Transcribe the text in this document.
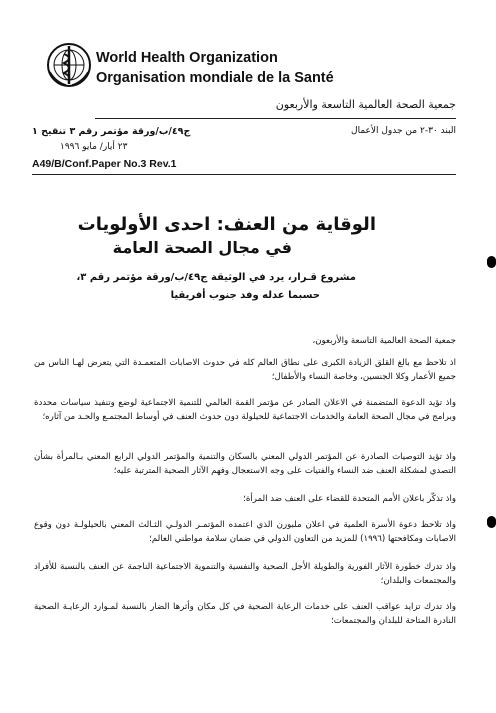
World Health Organization
Organisation mondiale de la Santé
جمعية الصحة العالمية التاسعة والأربعون
البند ٣٠-٢ من جدول الأعمال
ج٤٩/ب/ورقة مؤتمر رقم ٣ تنقيح ١
٢٣ أيار/ مايو ١٩٩٦
A49/B/Conf.Paper No.3 Rev.1
الوقاية من العنف: احدى الأولويات
في مجال الصحة العامة
مشروع قـرار، يرد في الوثيقة ج٤٩/ب/ورقة مؤتمر رقم ٣،
حسبما عدله وفد جنوب أفريقيا
جمعية الصحة العالمية التاسعة والأربعون،
اذ تلاحظ مع بالغ القلق الزيادة الكبرى على نطاق العالم كله في حدوث الاصابات المتعمـدة التي يتعرض لهـا الناس من جميع الأعمار وكلا الجنسين، وخاصة النساء والأطفال؛
واذ تؤيد الدعوة المتضمنة في الاعلان الصادر عن مؤتمر القمة العالمي للتنمية الاجتماعية لوضع وتنفيذ سياسات محددة وبرامج في مجال الصحة العامة والخدمات الاجتماعية للحيلولة دون حدوث العنف في أوساط المجتمـع والحـد من آثاره؛
واذ تؤيد التوصيات الصادرة عن المؤتمر الدولي المعني بالسكان والتنمية والمؤتمر الدولي الرابع المعني بـالمرأة بشأن التصدي لمشكلة العنف ضد النساء والفتيات على وجه الاستعجال وفهم الآثار الصحية المترتبة عليه؛
واذ تذكّر باعلان الأمم المتحدة للقضاء على العنف ضد المرأة؛
واذ تلاحظ دعوة الأسرة العلمية في اعلان ملبورن الذي اعتمده المؤتمـر الدولـي الثـالث المعني بالحيلولـة دون وقوع الاصابات ومكافحتها (١٩٩٦) للمزيد من التعاون الدولي في ضمان سلامة مواطني العالم؛
واذ تدرك خطورة الآثار الفورية والطويلة الأجل الصحية والنفسية والتنموية الاجتماعية الناجمة عن العنف بالنسبة للأفراد والمجتمعات والبلدان؛
واذ تدرك تزايد عواقب العنف على خدمات الرعاية الصحية في كل مكان وأثرها الضار بالنسبة لمـوارد الرعايـة الصحية النادرة المتاحة للبلدان والمجتمعات؛
